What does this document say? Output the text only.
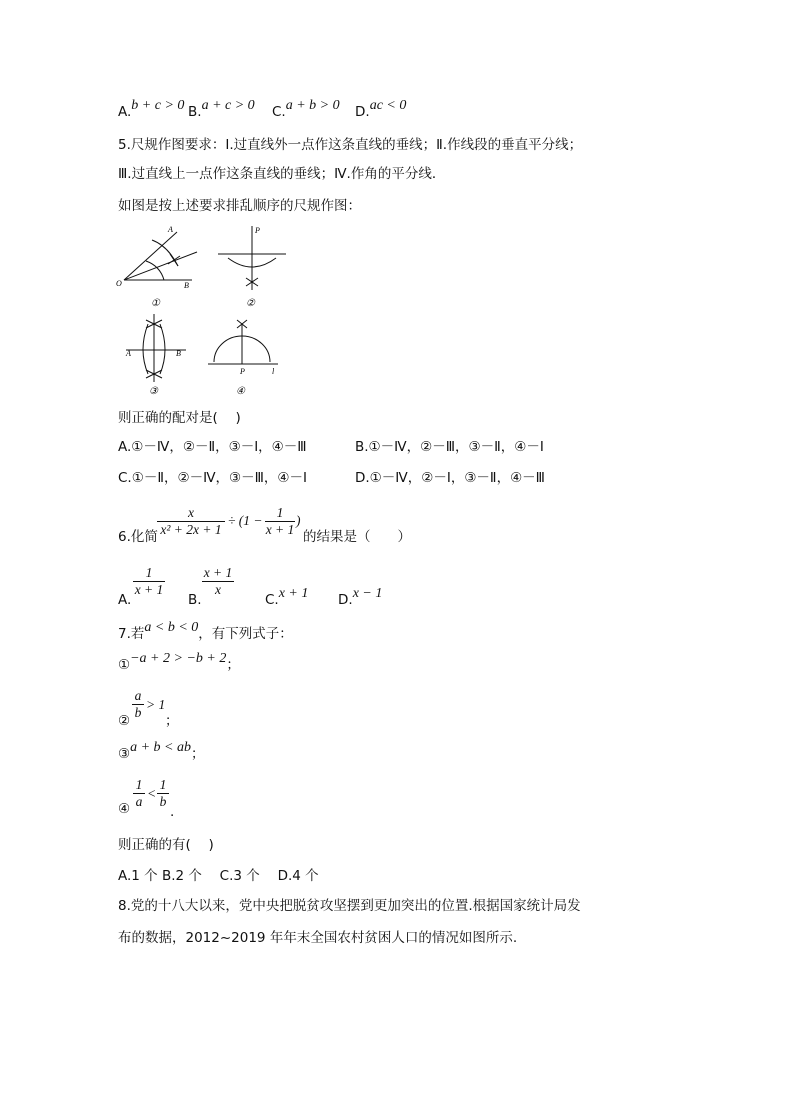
A.b + c > 0 B.a + c > 0 C.a + b > 0 D.ac < 0
5.尺规作图要求：Ⅰ.过直线外一点作这条直线的垂线；Ⅱ.作线段的垂直平分线；
Ⅲ.过直线上一点作这条直线的垂线；Ⅳ.作角的平分线．
如图是按上述要求排乱顺序的尺规作图：
A
O	B
①
P
②
A	B
③
P	l
④
则正确的配对是(　 )
A.①－Ⅳ，②－Ⅱ，③－Ⅰ，④－Ⅲ	B.①－Ⅳ，②－Ⅲ，③－Ⅱ，④－Ⅰ
C.①－Ⅱ，②－Ⅳ，③－Ⅲ，④－Ⅰ	D.①－Ⅳ，②－Ⅰ，③－Ⅱ，④－Ⅲ
6.化简 $\frac{x}{\text{x² + 2x + 1}} \div (1 - \frac{1}{x + 1}$ )
的结果是（　　）
A.
$\frac{1}{x + 1}$
B.
$\frac{x + 1}{x}$
C.x + 1 D.x − 1
7.若a < b < 0，有下列式子：
①−a + 2 > −b + 2；
② $\frac{a}{b} > 1$
；
③a + b < ab；
④ $\frac{1}{a} < \frac{1}{b}$
.
则正确的有(　 )
A.1 个 B.2 个　 C.3 个　 D.4 个
8.党的十八大以来，党中央把脱贫攻坚摆到更加突出的位置.根据国家统计局发
布的数据，2012~2019 年年末全国农村贫困人口的情况如图所示.
